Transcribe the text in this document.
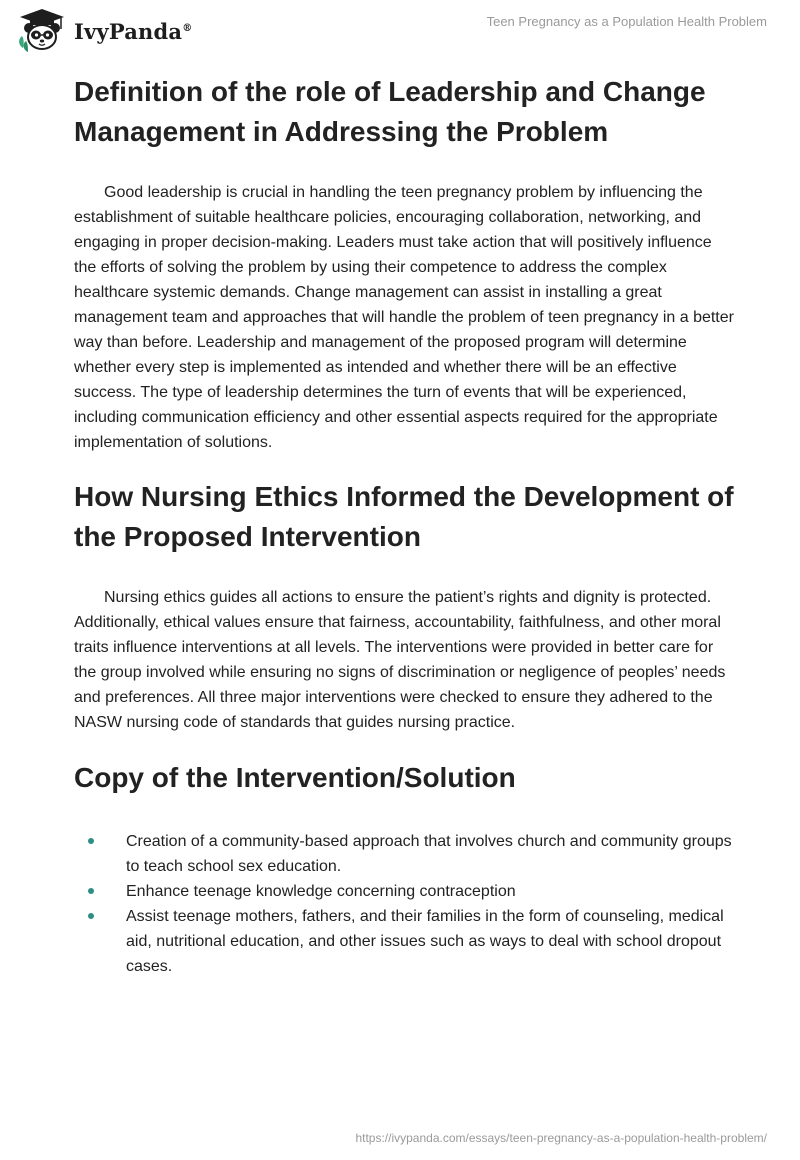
IvyPanda®	Teen Pregnancy as a Population Health Problem
Definition of the role of Leadership and Change Management in Addressing the Problem

Good leadership is crucial in handling the teen pregnancy problem by influencing the establishment of suitable healthcare policies, encouraging collaboration, networking, and engaging in proper decision-making. Leaders must take action that will positively influence the efforts of solving the problem by using their competence to address the complex healthcare systemic demands. Change management can assist in installing a great management team and approaches that will handle the problem of teen pregnancy in a better way than before. Leadership and management of the proposed program will determine whether every step is implemented as intended and whether there will be an effective success. The type of leadership determines the turn of events that will be experienced, including communication efficiency and other essential aspects required for the appropriate implementation of solutions.

How Nursing Ethics Informed the Development of the Proposed Intervention

Nursing ethics guides all actions to ensure the patient’s rights and dignity is protected. Additionally, ethical values ensure that fairness, accountability, faithfulness, and other moral traits influence interventions at all levels. The interventions were provided in better care for the group involved while ensuring no signs of discrimination or negligence of peoples’ needs and preferences. All three major interventions were checked to ensure they adhered to the NASW nursing code of standards that guides nursing practice.

Copy of the Intervention/Solution
Creation of a community-based approach that involves church and community groups to teach school sex education.
Enhance teenage knowledge concerning contraception
Assist teenage mothers, fathers, and their families in the form of counseling, medical aid, nutritional education, and other issues such as ways to deal with school dropout cases.
https://ivypanda.com/essays/teen-pregnancy-as-a-population-health-problem/
